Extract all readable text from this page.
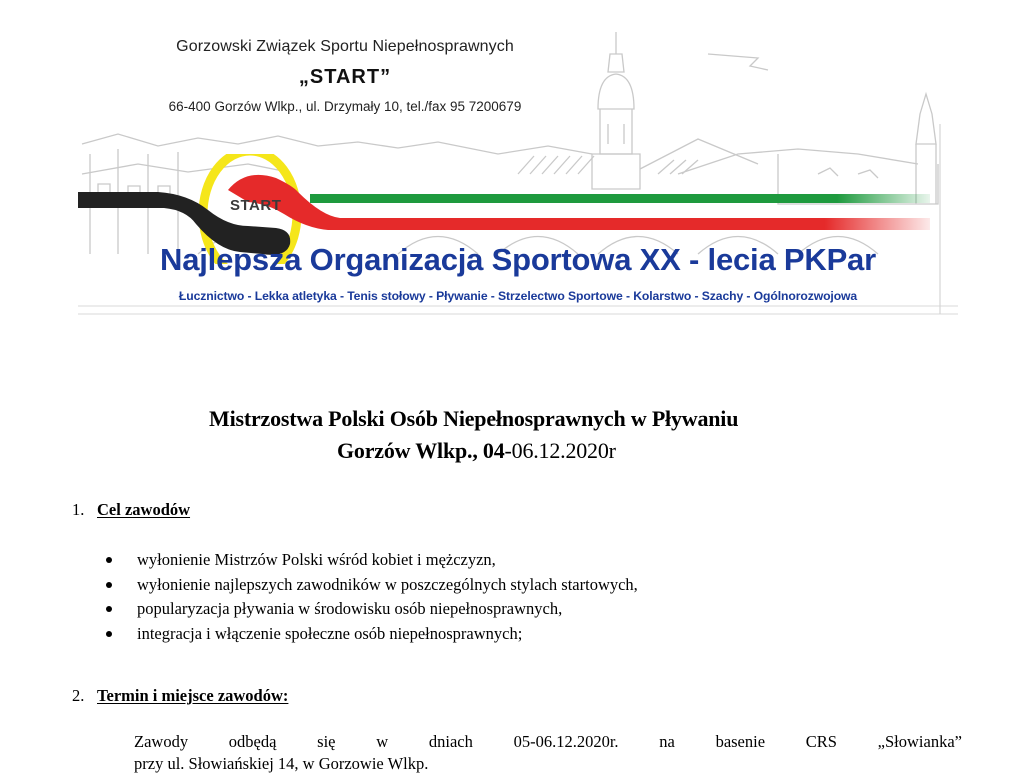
Gorzowski Związek Sportu Niepełnosprawnych
„START”
66-400 Gorzów Wlkp., ul. Drzymały 10, tel./fax 95 7200679
START
Najlepsza Organizacja Sportowa XX - lecia PKPar
Łucznictwo - Lekka atletyka - Tenis stołowy - Pływanie - Strzelectwo Sportowe - Kolarstwo - Szachy - Ogólnorozwojowa
Mistrzostwa Polski Osób Niepełnosprawnych w Pływaniu
Gorzów Wlkp., 04-06.12.2020r
1. Cel zawodów
wyłonienie Mistrzów Polski wśród kobiet i mężczyzn,
wyłonienie najlepszych zawodników w poszczególnych stylach startowych,
popularyzacja pływania w środowisku osób niepełnosprawnych,
integracja i włączenie społeczne osób niepełnosprawnych;
2. Termin i miejsce zawodów:
Zawody odbędą się w dniach 05-06.12.2020r. na basenie CRS „Słowianka”
przy ul. Słowiańskiej 14, w Gorzowie Wlkp.
